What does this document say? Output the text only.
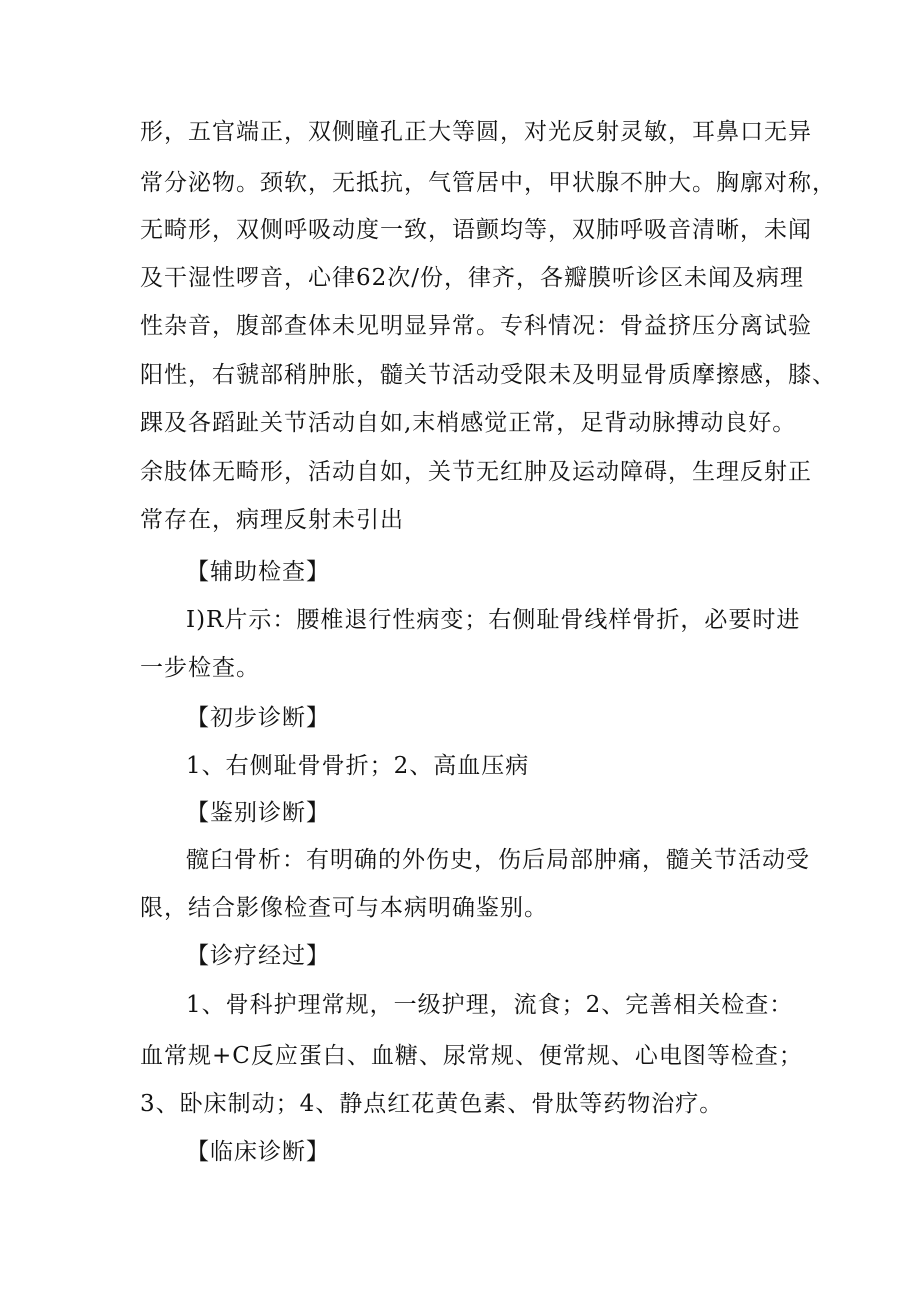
形，五官端正，双侧瞳孔正大等圆，对光反射灵敏，耳鼻口无异
常分泌物。颈软，无抵抗，气管居中，甲状腺不肿大。胸廓对称，
无畸形，双侧呼吸动度一致，语颤均等，双肺呼吸音清晰，未闻
及干湿性啰音，心律62次/份，律齐，各瓣膜听诊区未闻及病理
性杂音，腹部查体未见明显异常。专科情况：骨益挤压分离试验
阳性，右虢部稍肿胀，髓关节活动受限未及明显骨质摩擦感，膝、
踝及各蹈趾关节活动自如,末梢感觉正常，足背动脉搏动良好。
余肢体无畸形，活动自如，关节无红肿及运动障碍，生理反射正
常存在，病理反射未引出
【辅助检查】
I)R片示：腰椎退行性病变；右侧耻骨线样骨折，必要时进
一步检查。
【初步诊断】
1、右侧耻骨骨折；2、高血压病
【鉴别诊断】
髋臼骨析：有明确的外伤史，伤后局部肿痛，髓关节活动受
限，结合影像检查可与本病明确鉴别。
【诊疗经过】
1、骨科护理常规，一级护理，流食；2、完善相关检查：
血常规+C反应蛋白、血糖、尿常规、便常规、心电图等检查；
3、卧床制动；4、静点红花黄色素、骨肽等药物治疗。
【临床诊断】
